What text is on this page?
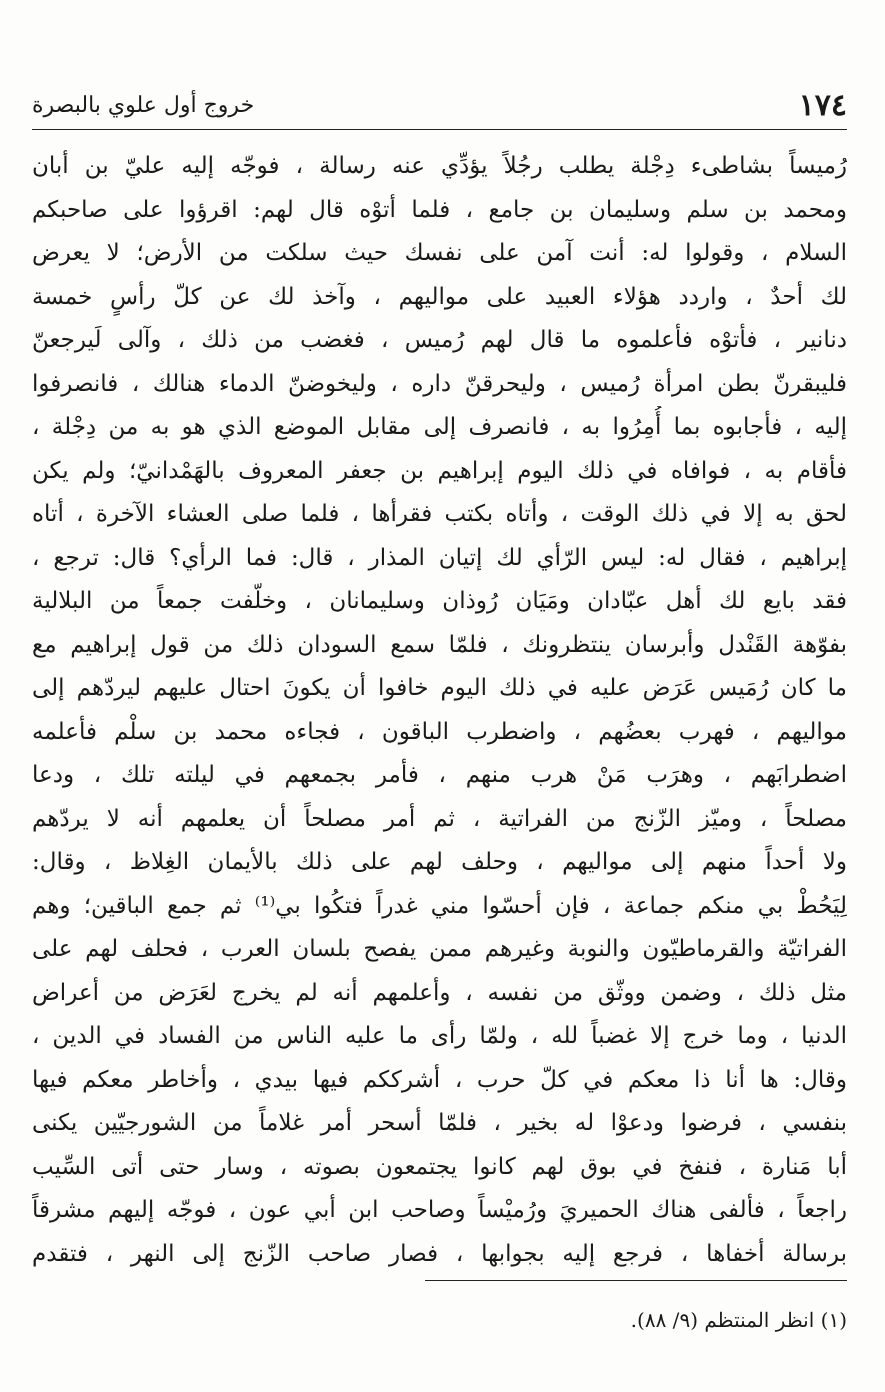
١٧٤
خروج أول علوي بالبصرة
رُميساً بشاطىء دِجْلة يطلب رجُلاً يؤدِّي عنه رسالة ، فوجّه إليه عليّ بن أبان
ومحمد بن سلم وسليمان بن جامع ، فلما أتوْه قال لهم: اقرؤوا على صاحبكم
السلام ، وقولوا له: أنت آمن على نفسك حيث سلكت من الأرض؛ لا يعرض
لك أحدٌ ، واردد هؤلاء العبيد على مواليهم ، وآخذ لك عن كلّ رأسٍ خمسة
دنانير ، فأتوْه فأعلموه ما قال لهم رُميس ، فغضب من ذلك ، وآلى لَيرجعنّ
فليبقرنّ بطن امرأة رُميس ، وليحرقنّ داره ، وليخوضنّ الدماء هنالك ، فانصرفوا
إليه ، فأجابوه بما أُمِرُوا به ، فانصرف إلى مقابل الموضع الذي هو به من دِجْلة ،
فأقام به ، فوافاه في ذلك اليوم إبراهيم بن جعفر المعروف بالهَمْدانيّ؛ ولم يكن
لحق به إلا في ذلك الوقت ، وأتاه بكتب فقرأها ، فلما صلى العشاء الآخرة ، أتاه
إبراهيم ، فقال له: ليس الرّأي لك إتيان المذار ، قال: فما الرأي؟ قال: ترجع ،
فقد بايع لك أهل عبّادان ومَيَان رُوذان وسليمانان ، وخلّفت جمعاً من البلالية
بفوّهة القَنْدل وأبرسان ينتظرونك ، فلمّا سمع السودان ذلك من قول إبراهيم مع
ما كان رُمَيس عَرَض عليه في ذلك اليوم خافوا أن يكونَ احتال عليهم ليردّهم إلى
مواليهم ، فهرب بعضُهم ، واضطرب الباقون ، فجاءه محمد بن سلْم فأعلمه
اضطرابَهم ، وهرَب مَنْ هرب منهم ، فأمر بجمعهم في ليلته تلك ، ودعا
مصلحاً ، وميّز الزّنج من الفراتية ، ثم أمر مصلحاً أن يعلمهم أنه لا يردّهم
ولا أحداً منهم إلى مواليهم ، وحلف لهم على ذلك بالأيمان الغِلاظ ، وقال:
لِيَحُطْ بي منكم جماعة ، فإن أحسّوا مني غدراً فتكُوا بي⁽¹⁾ ثم جمع الباقين؛ وهم
الفراتيّة والقرماطيّون والنوبة وغيرهم ممن يفصح بلسان العرب ، فحلف لهم على
مثل ذلك ، وضمن ووثّق من نفسه ، وأعلمهم أنه لم يخرج لعَرَض من أعراض
الدنيا ، وما خرج إلا غضباً لله ، ولمّا رأى ما عليه الناس من الفساد في الدين ،
وقال: ها أنا ذا معكم في كلّ حرب ، أشرككم فيها بيدي ، وأخاطر معكم فيها
بنفسي ، فرضوا ودعوْا له بخير ، فلمّا أسحر أمر غلاماً من الشورجيّين يكنى
أبا مَنارة ، فنفخ في بوق لهم كانوا يجتمعون بصوته ، وسار حتى أتى السِّيب
راجعاً ، فألفى هناك الحميريَ ورُميْساً وصاحب ابن أبي عون ، فوجّه إليهم مشرقاً
برسالة أخفاها ، فرجع إليه بجوابها ، فصار صاحب الزّنج إلى النهر ، فتقدم
(١) انظر المنتظم (٩/ ٨٨).
